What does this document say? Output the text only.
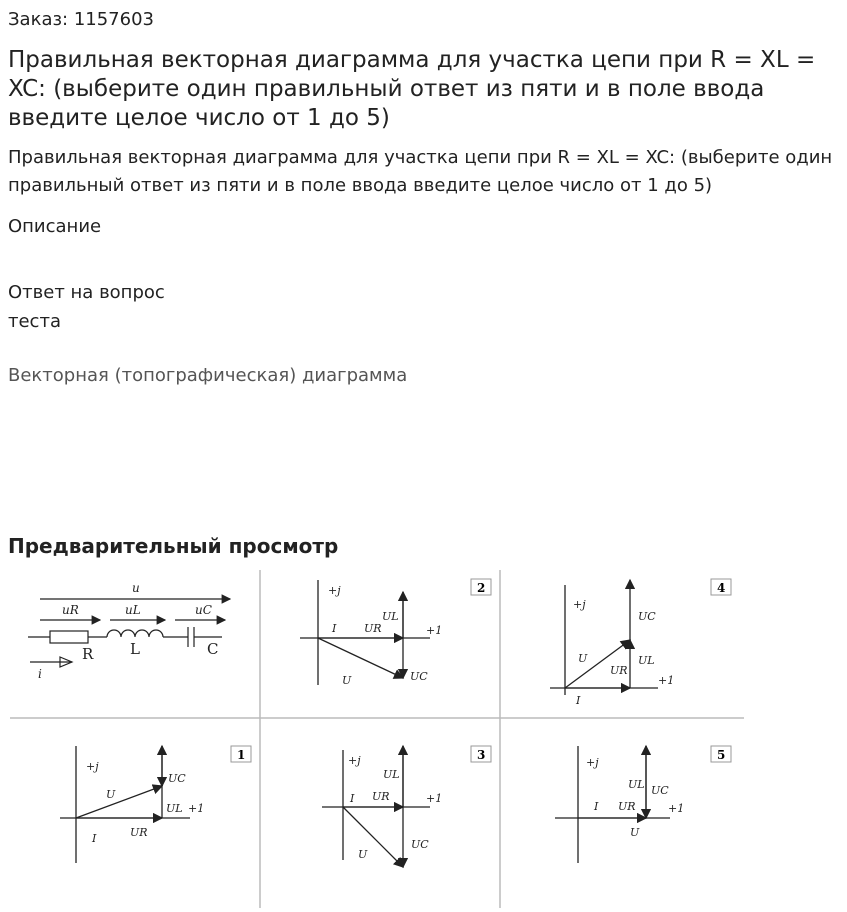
Заказ: 1157603
Правильная векторная диаграмма для участка цепи при R = XL = XC: (выберите один правильный ответ из пяти и в поле ввода введите целое число от 1 до 5)

Правильная векторная диаграмма для участка цепи при R = XL = XC: (выберите один правильный ответ из пяти и в поле ввода введите целое число от 1 до 5)

Описание
Ответ на вопрос теста
Векторная (топографическая) диаграмма
Предварительный просмотр
u
uR	uL	uC
R L	C
i
2
+j
+1
I	UR
UL
UC
U
4
+j
+1
I
UR
UL
UC
U
1
+j
+1
I	UR
UL
UC
U
3
+j
+1
I UR
UL
UC
U
5
+j
+1
I UR
UL UC
U
